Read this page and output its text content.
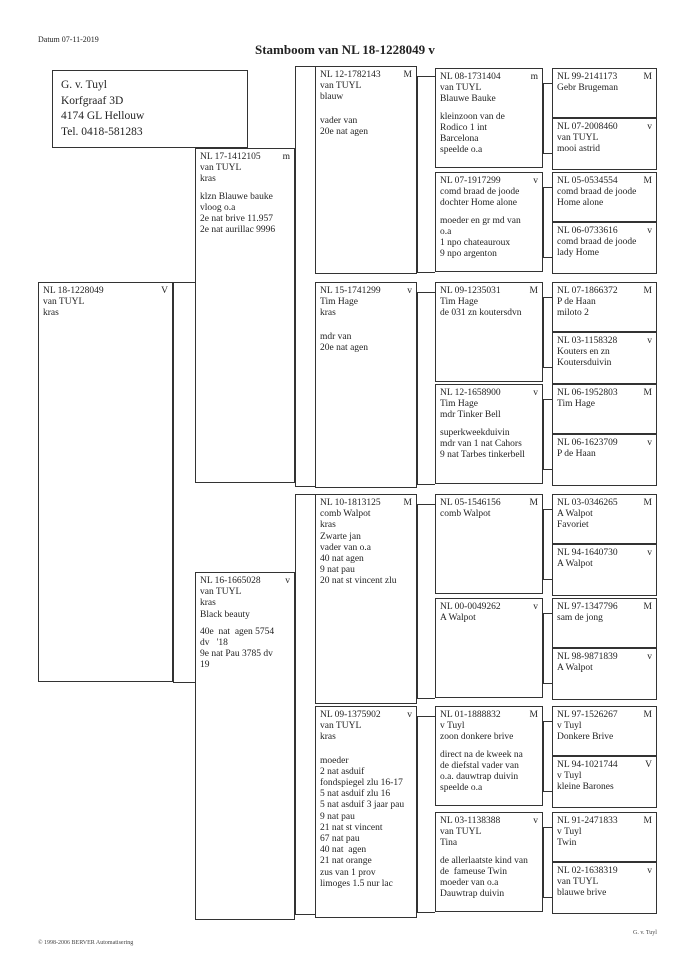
Datum 07-11-2019
Stamboom van NL 18-1228049 v
G. v. Tuyl
Korfgraaf 3D
4174 GL Hellouw
Tel. 0418-581283
NL 18-1228049	V
van TUYL
kras
NL 17-1412105 m
van TUYL
kras
klzn Blauwe bauke
vloog o.a
2e nat brive 11.957
2e nat aurillac 9996
NL 16-1665028	v
van TUYL
kras
Black beauty
40e  nat  agen 5754
dv   '18
9e nat Pau 3785 dv
19
NL 12-1782143 M
van TUYL
blauw
vader van
20e nat agen
NL 15-1741299	v
Tim Hage
kras
mdr van
20e nat agen
NL 10-1813125 M
comb Walpot
kras
Zwarte jan
vader van o.a
40 nat agen
9 nat pau
20 nat st vincent zlu
NL 09-1375902	v
van TUYL
kras
moeder
2 nat asduif
fondspiegel zlu 16-17
5 nat asduif zlu 16
5 nat asduif 3 jaar pau
9 nat pau
21 nat st vincent
67 nat pau
40 nat  agen
21 nat orange
zus van 1 prov
limoges 1.5 nur lac
NL 08-1731404	m
van TUYL
Blauwe Bauke
kleinzoon van de
Rodico 1 int
Barcelona
speelde o.a
NL 07-1917299	v
comd braad de joode
dochter Home alone
moeder en gr md van
o.a
1 npo chateauroux
9 npo argenton
NL 09-1235031	M
Tim Hage
de 031 zn koutersdvn
NL 12-1658900	v
Tim Hage
mdr Tinker Bell
superkweekduivin
mdr van 1 nat Cahors
9 nat Tarbes tinkerbell
NL 05-1546156	M
comb Walpot
NL 00-0049262	v
A Walpot
NL 01-1888832	M
v Tuyl
zoon donkere brive
direct na de kweek na
de diefstal vader van
o.a. dauwtrap duivin
speelde o.a
NL 03-1138388	v
van TUYL
Tina
de allerlaatste kind van
de  fameuse Twin
moeder van o.a
Dauwtrap duivin
NL 99-2141173	M
Gebr Brugeman
NL 07-2008460	v
van TUYL
mooi astrid
NL 05-0534554	M
comd braad de joode
Home alone
NL 06-0733616	v
comd braad de joode
lady Home
NL 07-1866372	M
P de Haan
miloto 2
NL 03-1158328	v
Kouters en zn
Koutersduivin
NL 06-1952803	M
Tim Hage
NL 06-1623709	v
P de Haan
NL 03-0346265	M
A Walpot
Favoriet
NL 94-1640730	v
A Walpot
NL 97-1347796	M
sam de jong
NL 98-9871839	v
A Walpot
NL 97-1526267	M
v Tuyl
Donkere Brive
NL 94-1021744	V
v Tuyl
kleine Barones
NL 91-2471833	M
v Tuyl
Twin
NL 02-1638319	v
van TUYL
blauwe brive
© 1998-2006 BERVER Automatisering
G. v. Tuyl
